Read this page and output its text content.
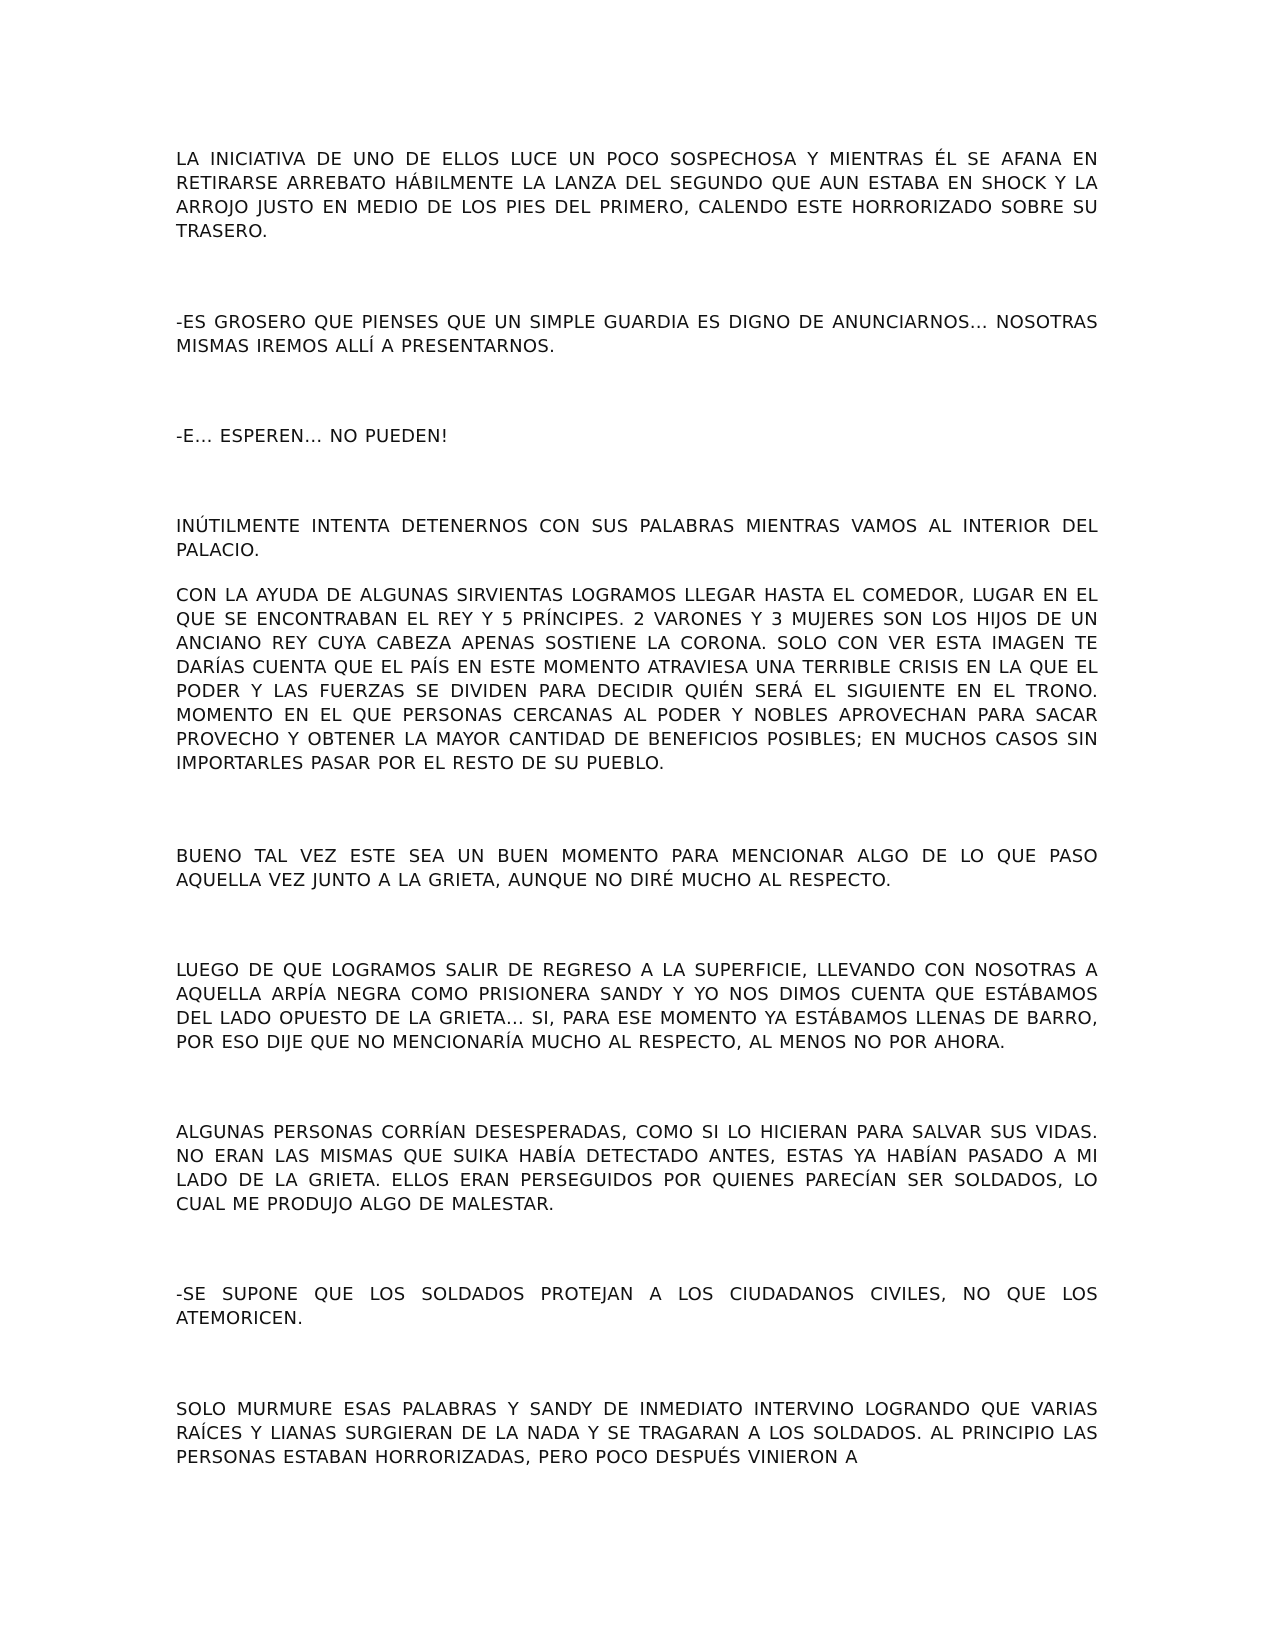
LA INICIATIVA DE UNO DE ELLOS LUCE UN POCO SOSPECHOSA Y MIENTRAS ÉL SE AFANA EN RETIRARSE ARREBATO HÁBILMENTE LA LANZA DEL SEGUNDO QUE AUN ESTABA EN SHOCK Y LA ARROJO JUSTO EN MEDIO DE LOS PIES DEL PRIMERO, CALENDO ESTE HORRORIZADO SOBRE SU TRASERO.

-ES GROSERO QUE PIENSES QUE UN SIMPLE GUARDIA ES DIGNO DE ANUNCIARNOS… NOSOTRAS MISMAS IREMOS ALLÍ A PRESENTARNOS.

-E… ESPEREN… NO PUEDEN!

INÚTILMENTE INTENTA DETENERNOS CON SUS PALABRAS MIENTRAS VAMOS AL INTERIOR DEL PALACIO.

CON LA AYUDA DE ALGUNAS SIRVIENTAS LOGRAMOS LLEGAR HASTA EL COMEDOR, LUGAR EN EL QUE SE ENCONTRABAN EL REY Y 5 PRÍNCIPES. 2 VARONES Y 3 MUJERES SON LOS HIJOS DE UN ANCIANO REY CUYA CABEZA APENAS SOSTIENE LA CORONA. SOLO CON VER ESTA IMAGEN TE DARÍAS CUENTA QUE EL PAÍS EN ESTE MOMENTO ATRAVIESA UNA TERRIBLE CRISIS EN LA QUE EL PODER Y LAS FUERZAS SE DIVIDEN PARA DECIDIR QUIÉN SERÁ EL SIGUIENTE EN EL TRONO. MOMENTO EN EL QUE PERSONAS CERCANAS AL PODER Y NOBLES APROVECHAN PARA SACAR PROVECHO Y OBTENER LA MAYOR CANTIDAD DE BENEFICIOS POSIBLES; EN MUCHOS CASOS SIN IMPORTARLES PASAR POR EL RESTO DE SU PUEBLO.

BUENO TAL VEZ ESTE SEA UN BUEN MOMENTO PARA MENCIONAR ALGO DE LO QUE PASO AQUELLA VEZ JUNTO A LA GRIETA, AUNQUE NO DIRÉ MUCHO AL RESPECTO.

LUEGO DE QUE LOGRAMOS SALIR DE REGRESO A LA SUPERFICIE, LLEVANDO CON NOSOTRAS A AQUELLA ARPÍA NEGRA COMO PRISIONERA SANDY Y YO NOS DIMOS CUENTA QUE ESTÁBAMOS DEL LADO OPUESTO DE LA GRIETA… SI, PARA ESE MOMENTO YA ESTÁBAMOS LLENAS DE BARRO, POR ESO DIJE QUE NO MENCIONARÍA MUCHO AL RESPECTO, AL MENOS NO POR AHORA.

ALGUNAS PERSONAS CORRÍAN DESESPERADAS, COMO SI LO HICIERAN PARA SALVAR SUS VIDAS. NO ERAN LAS MISMAS QUE SUIKA HABÍA DETECTADO ANTES, ESTAS YA HABÍAN PASADO A MI LADO DE LA GRIETA. ELLOS ERAN PERSEGUIDOS POR QUIENES PARECÍAN SER SOLDADOS, LO CUAL ME PRODUJO ALGO DE MALESTAR.

-SE SUPONE QUE LOS SOLDADOS PROTEJAN A LOS CIUDADANOS CIVILES, NO QUE LOS ATEMORICEN.

SOLO MURMURE ESAS PALABRAS Y SANDY DE INMEDIATO INTERVINO LOGRANDO QUE VARIAS RAÍCES Y LIANAS SURGIERAN DE LA NADA Y SE TRAGARAN A LOS SOLDADOS. AL PRINCIPIO LAS PERSONAS ESTABAN HORRORIZADAS, PERO POCO DESPUÉS VINIERON A
